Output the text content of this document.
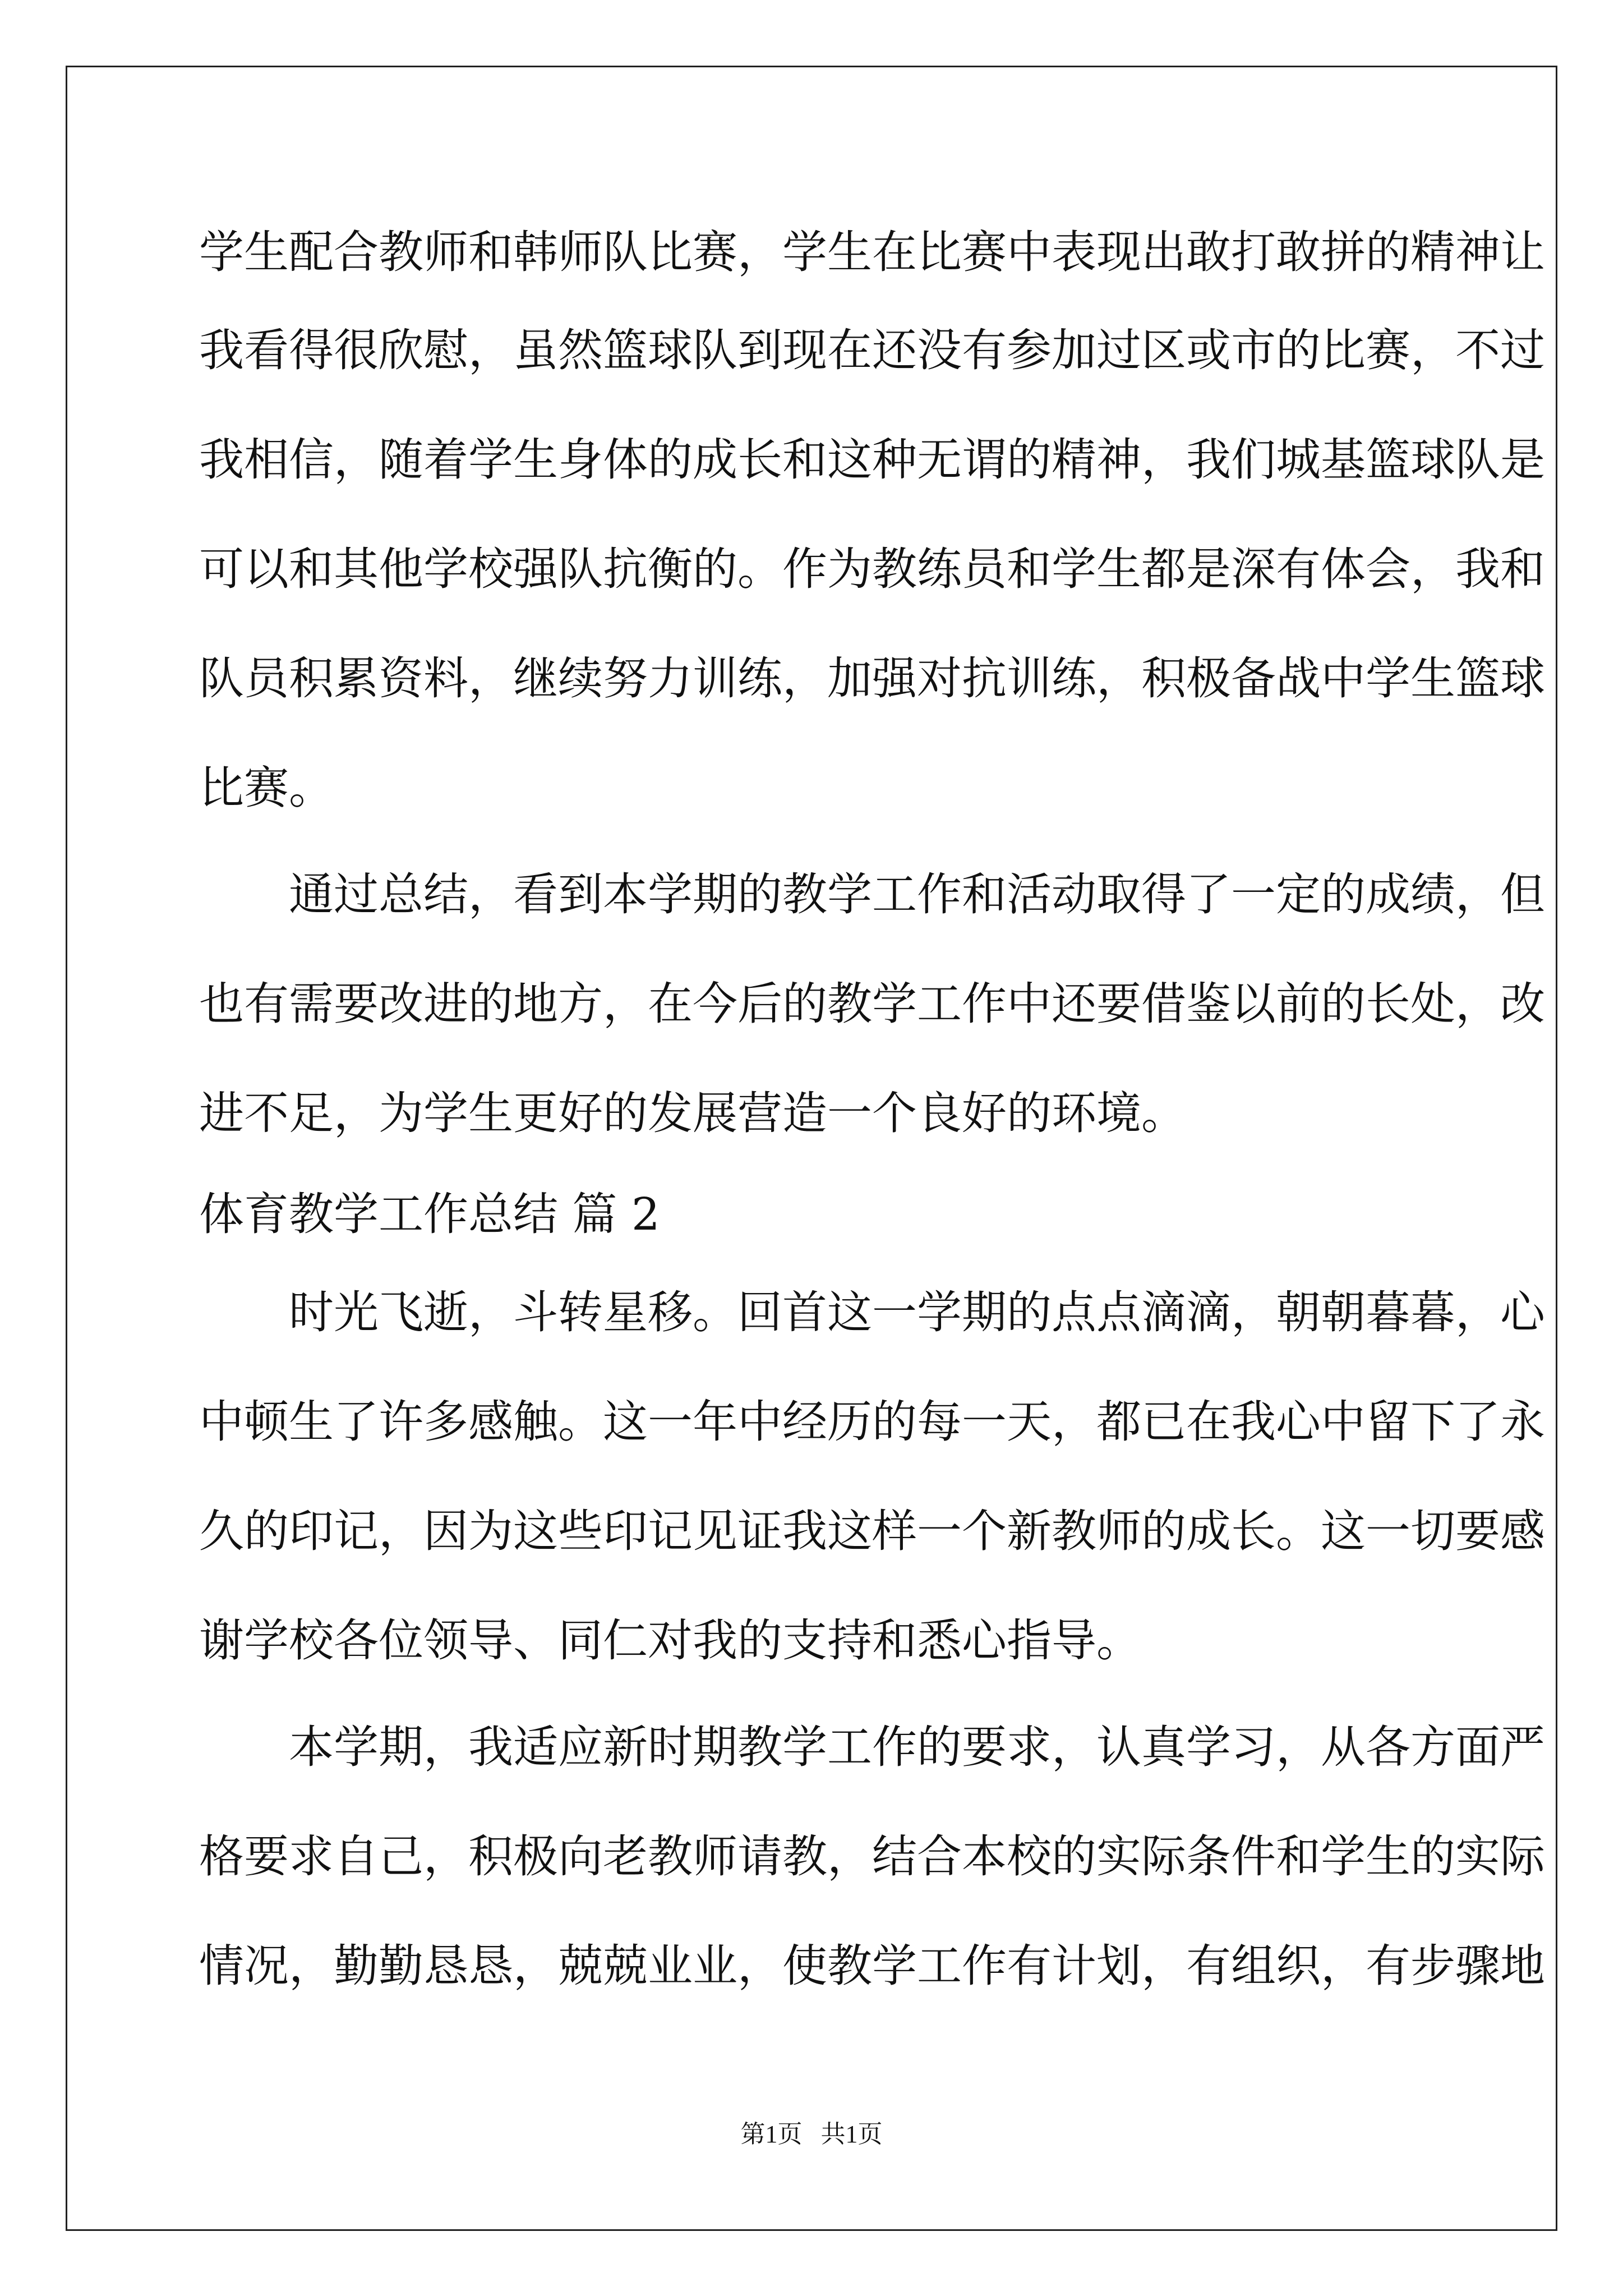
学生配合教师和韩师队比赛，学生在比赛中表现出敢打敢拼的精神让
我看得很欣慰，虽然篮球队到现在还没有参加过区或市的比赛，不过
我相信，随着学生身体的成长和这种无谓的精神，我们城基篮球队是
可以和其他学校强队抗衡的。作为教练员和学生都是深有体会，我和
队员积累资料，继续努力训练，加强对抗训练，积极备战中学生篮球
比赛。
　　通过总结，看到本学期的教学工作和活动取得了一定的成绩，但
也有需要改进的地方，在今后的教学工作中还要借鉴以前的长处，改
进不足，为学生更好的发展营造一个良好的环境。
体育教学工作总结 篇 2
　　时光飞逝，斗转星移。回首这一学期的点点滴滴，朝朝暮暮，心
中顿生了许多感触。这一年中经历的每一天，都已在我心中留下了永
久的印记，因为这些印记见证我这样一个新教师的成长。这一切要感
谢学校各位领导、同仁对我的支持和悉心指导。
　　本学期，我适应新时期教学工作的要求，认真学习，从各方面严
格要求自己，积极向老教师请教，结合本校的实际条件和学生的实际
情况，勤勤恳恳，兢兢业业，使教学工作有计划，有组织，有步骤地
第1页   共1页
